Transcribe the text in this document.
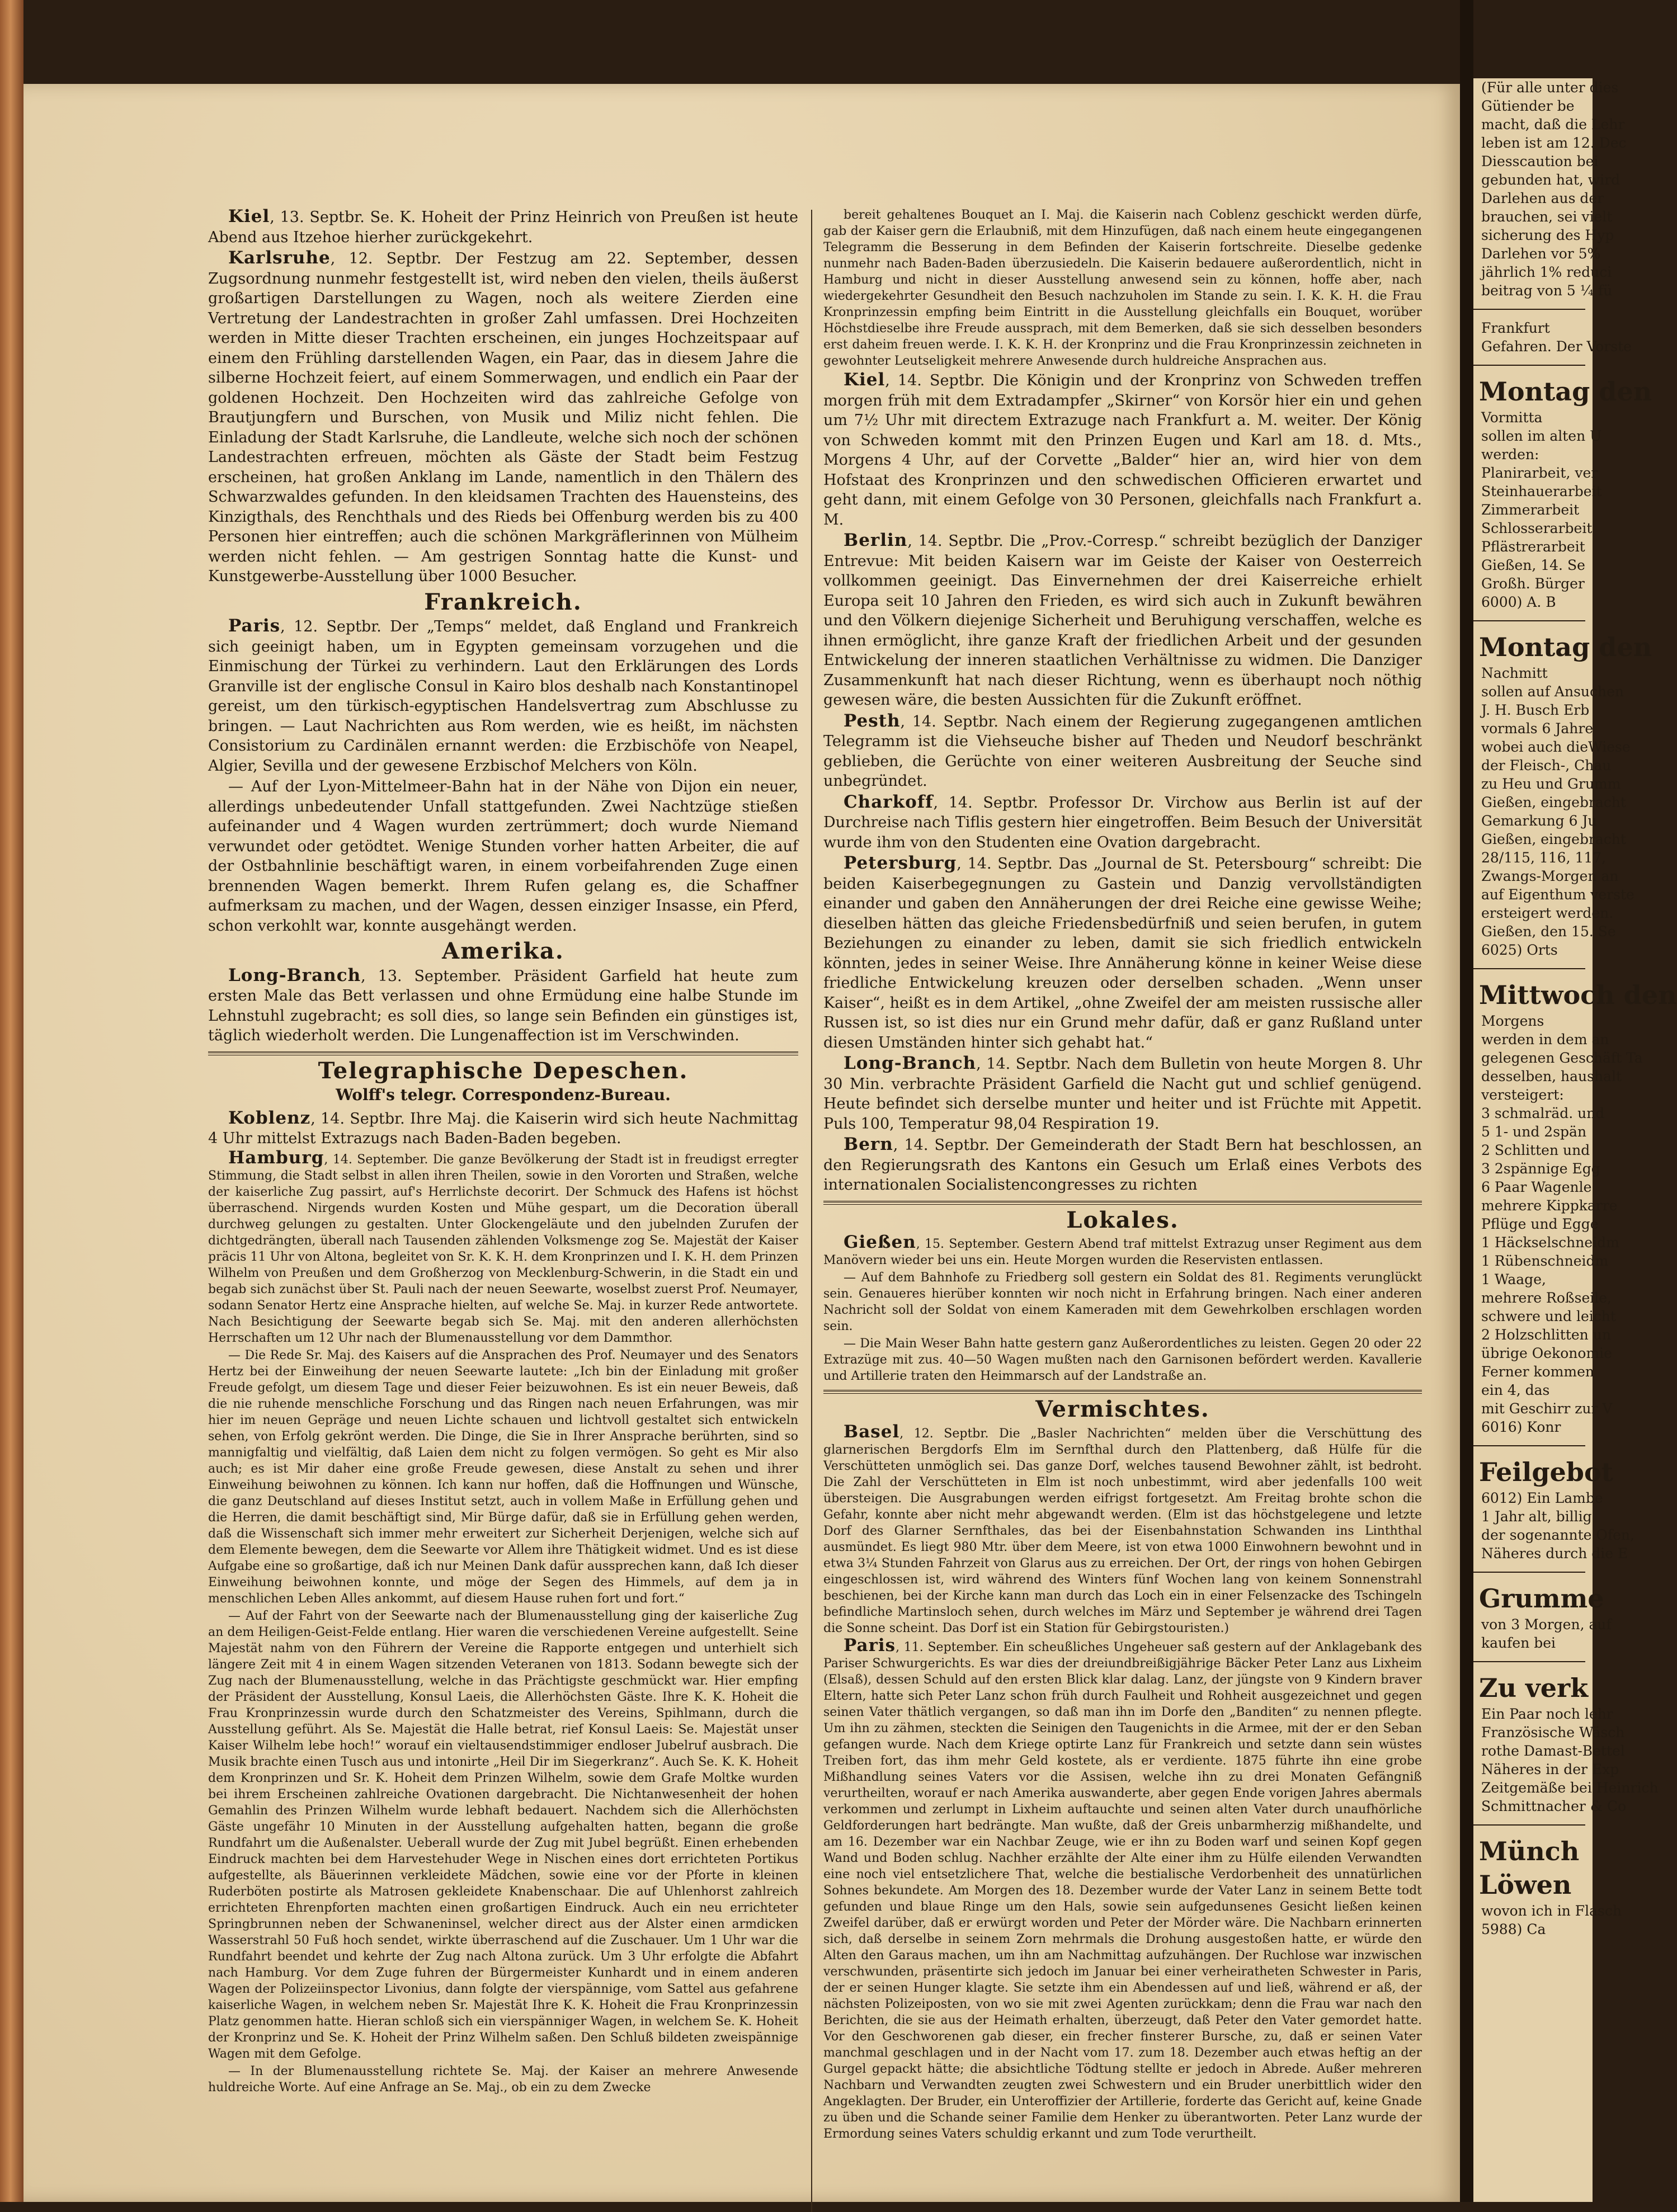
Kiel, 13. Septbr. Se. K. Hoheit der Prinz Heinrich von Preußen ist heute Abend aus Itzehoe hierher zurückgekehrt.

Karlsruhe, 12. Septbr. Der Festzug am 22. September, dessen Zugsordnung nunmehr festgestellt ist, wird neben den vielen, theils äußerst großartigen Darstellungen zu Wagen, noch als weitere Zierden eine Vertretung der Landestrachten in großer Zahl umfassen. Drei Hochzeiten werden in Mitte dieser Trachten erscheinen, ein junges Hochzeitspaar auf einem den Frühling darstellenden Wagen, ein Paar, das in diesem Jahre die silberne Hochzeit feiert, auf einem Sommerwagen, und endlich ein Paar der goldenen Hochzeit. Den Hochzeiten wird das zahlreiche Gefolge von Brautjungfern und Burschen, von Musik und Miliz nicht fehlen. Die Einladung der Stadt Karlsruhe, die Landleute, welche sich noch der schönen Landestrachten erfreuen, möchten als Gäste der Stadt beim Festzug erscheinen, hat großen Anklang im Lande, namentlich in den Thälern des Schwarzwaldes gefunden. In den kleidsamen Trachten des Hauensteins, des Kinzigthals, des Renchthals und des Rieds bei Offenburg werden bis zu 400 Personen hier eintreffen; auch die schönen Markgräflerinnen von Mülheim werden nicht fehlen. — Am gestrigen Sonntag hatte die Kunst- und Kunstgewerbe-Ausstellung über 1000 Besucher.

Frankreich.

Paris, 12. Septbr. Der „Temps“ meldet, daß England und Frankreich sich geeinigt haben, um in Egypten gemeinsam vorzugehen und die Einmischung der Türkei zu verhindern. Laut den Erklärungen des Lords Granville ist der englische Consul in Kairo blos deshalb nach Konstantinopel gereist, um den türkisch-egyptischen Handelsvertrag zum Abschlusse zu bringen. — Laut Nachrichten aus Rom werden, wie es heißt, im nächsten Consistorium zu Cardinälen ernannt werden: die Erzbischöfe von Neapel, Algier, Sevilla und der gewesene Erzbischof Melchers von Köln.

— Auf der Lyon-Mittelmeer-Bahn hat in der Nähe von Dijon ein neuer, allerdings unbedeutender Unfall stattgefunden. Zwei Nachtzüge stießen aufeinander und 4 Wagen wurden zertrümmert; doch wurde Niemand verwundet oder getödtet. Wenige Stunden vorher hatten Arbeiter, die auf der Ostbahnlinie beschäftigt waren, in einem vorbeifahrenden Zuge einen brennenden Wagen bemerkt. Ihrem Rufen gelang es, die Schaffner aufmerksam zu machen, und der Wagen, dessen einziger Insasse, ein Pferd, schon verkohlt war, konnte ausgehängt werden.

Amerika.

Long-Branch, 13. September. Präsident Garfield hat heute zum ersten Male das Bett verlassen und ohne Ermüdung eine halbe Stunde im Lehnstuhl zugebracht; es soll dies, so lange sein Befinden ein günstiges ist, täglich wiederholt werden. Die Lungenaffection ist im Verschwinden.

Telegraphische Depeschen.
Wolff's telegr. Correspondenz-Bureau.

Koblenz, 14. Septbr. Ihre Maj. die Kaiserin wird sich heute Nachmittag 4 Uhr mittelst Extrazugs nach Baden-Baden begeben.

Hamburg, 14. September. Die ganze Bevölkerung der Stadt ist in freudigst erregter Stimmung, die Stadt selbst in allen ihren Theilen, sowie in den Vororten und Straßen, welche der kaiserliche Zug passirt, auf's Herrlichste decorirt. Der Schmuck des Hafens ist höchst überraschend. Nirgends wurden Kosten und Mühe gespart, um die Decoration überall durchweg gelungen zu gestalten. Unter Glockengeläute und den jubelnden Zurufen der dichtgedrängten, überall nach Tausenden zählenden Volksmenge zog Se. Majestät der Kaiser präcis 11 Uhr von Altona, begleitet von Sr. K. K. H. dem Kronprinzen und I. K. H. dem Prinzen Wilhelm von Preußen und dem Großherzog von Mecklenburg-Schwerin, in die Stadt ein und begab sich zunächst über St. Pauli nach der neuen Seewarte, woselbst zuerst Prof. Neumayer, sodann Senator Hertz eine Ansprache hielten, auf welche Se. Maj. in kurzer Rede antwortete. Nach Besichtigung der Seewarte begab sich Se. Maj. mit den anderen allerhöchsten Herrschaften um 12 Uhr nach der Blumenausstellung vor dem Dammthor.

— Die Rede Sr. Maj. des Kaisers auf die Ansprachen des Prof. Neumayer und des Senators Hertz bei der Einweihung der neuen Seewarte lautete: „Ich bin der Einladung mit großer Freude gefolgt, um diesem Tage und dieser Feier beizuwohnen. Es ist ein neuer Beweis, daß die nie ruhende menschliche Forschung und das Ringen nach neuen Erfahrungen, was mir hier im neuen Gepräge und neuen Lichte schauen und lichtvoll gestaltet sich entwickeln sehen, von Erfolg gekrönt werden. Die Dinge, die Sie in Ihrer Ansprache berührten, sind so mannigfaltig und vielfältig, daß Laien dem nicht zu folgen vermögen. So geht es Mir also auch; es ist Mir daher eine große Freude gewesen, diese Anstalt zu sehen und ihrer Einweihung beiwohnen zu können. Ich kann nur hoffen, daß die Hoffnungen und Wünsche, die ganz Deutschland auf dieses Institut setzt, auch in vollem Maße in Erfüllung gehen und die Herren, die damit beschäftigt sind, Mir Bürge dafür, daß sie in Erfüllung gehen werden, daß die Wissenschaft sich immer mehr erweitert zur Sicherheit Derjenigen, welche sich auf dem Elemente bewegen, dem die Seewarte vor Allem ihre Thätigkeit widmet. Und es ist diese Aufgabe eine so großartige, daß ich nur Meinen Dank dafür aussprechen kann, daß Ich dieser Einweihung beiwohnen konnte, und möge der Segen des Himmels, auf dem ja in menschlichen Leben Alles ankommt, auf diesem Hause ruhen fort und fort.“

— Auf der Fahrt von der Seewarte nach der Blumenausstellung ging der kaiserliche Zug an dem Heiligen-Geist-Felde entlang. Hier waren die verschiedenen Vereine aufgestellt. Seine Majestät nahm von den Führern der Vereine die Rapporte entgegen und unterhielt sich längere Zeit mit 4 in einem Wagen sitzenden Veteranen von 1813. Sodann bewegte sich der Zug nach der Blumenausstellung, welche in das Prächtigste geschmückt war. Hier empfing der Präsident der Ausstellung, Konsul Laeis, die Allerhöchsten Gäste. Ihre K. K. Hoheit die Frau Kronprinzessin wurde durch den Schatzmeister des Vereins, Spihlmann, durch die Ausstellung geführt. Als Se. Majestät die Halle betrat, rief Konsul Laeis: Se. Majestät unser Kaiser Wilhelm lebe hoch!“ worauf ein vieltausendstimmiger endloser Jubelruf ausbrach. Die Musik brachte einen Tusch aus und intonirte „Heil Dir im Siegerkranz“. Auch Se. K. K. Hoheit dem Kronprinzen und Sr. K. Hoheit dem Prinzen Wilhelm, sowie dem Grafe Moltke wurden bei ihrem Erscheinen zahlreiche Ovationen dargebracht. Die Nichtanwesenheit der hohen Gemahlin des Prinzen Wilhelm wurde lebhaft bedauert. Nachdem sich die Allerhöchsten Gäste ungefähr 10 Minuten in der Ausstellung aufgehalten hatten, begann die große Rundfahrt um die Außenalster. Ueberall wurde der Zug mit Jubel begrüßt. Einen erhebenden Eindruck machten bei dem Harvestehuder Wege in Nischen eines dort errichteten Portikus aufgestellte, als Bäuerinnen verkleidete Mädchen, sowie eine vor der Pforte in kleinen Ruderböten postirte als Matrosen gekleidete Knabenschaar. Die auf Uhlenhorst zahlreich errichteten Ehrenpforten machten einen großartigen Eindruck. Auch ein neu errichteter Springbrunnen neben der Schwaneninsel, welcher direct aus der Alster einen armdicken Wasserstrahl 50 Fuß hoch sendet, wirkte überraschend auf die Zuschauer. Um 1 Uhr war die Rundfahrt beendet und kehrte der Zug nach Altona zurück. Um 3 Uhr erfolgte die Abfahrt nach Hamburg. Vor dem Zuge fuhren der Bürgermeister Kunhardt und in einem anderen Wagen der Polizeiinspector Livonius, dann folgte der vierspännige, vom Sattel aus gefahrene kaiserliche Wagen, in welchem neben Sr. Majestät Ihre K. K. Hoheit die Frau Kronprinzessin Platz genommen hatte. Hieran schloß sich ein vierspänniger Wagen, in welchem Se. K. Hoheit der Kronprinz und Se. K. Hoheit der Prinz Wilhelm saßen. Den Schluß bildeten zweispännige Wagen mit dem Gefolge.

— In der Blumenausstellung richtete Se. Maj. der Kaiser an mehrere Anwesende huldreiche Worte. Auf eine Anfrage an Se. Maj., ob ein zu dem Zwecke

bereit gehaltenes Bouquet an I. Maj. die Kaiserin nach Coblenz geschickt werden dürfe, gab der Kaiser gern die Erlaubniß, mit dem Hinzufügen, daß nach einem heute eingegangenen Telegramm die Besserung in dem Befinden der Kaiserin fortschreite. Dieselbe gedenke nunmehr nach Baden-Baden überzusiedeln. Die Kaiserin bedauere außerordentlich, nicht in Hamburg und nicht in dieser Ausstellung anwesend sein zu können, hoffe aber, nach wiedergekehrter Gesundheit den Besuch nachzuholen im Stande zu sein. I. K. K. H. die Frau Kronprinzessin empfing beim Eintritt in die Ausstellung gleichfalls ein Bouquet, worüber Höchstdieselbe ihre Freude aussprach, mit dem Bemerken, daß sie sich desselben besonders erst daheim freuen werde. I. K. K. H. der Kronprinz und die Frau Kronprinzessin zeichneten in gewohnter Leutseligkeit mehrere Anwesende durch huldreiche Ansprachen aus.

Kiel, 14. Septbr. Die Königin und der Kronprinz von Schweden treffen morgen früh mit dem Extradampfer „Skirner“ von Korsör hier ein und gehen um 7½ Uhr mit directem Extrazuge nach Frankfurt a. M. weiter. Der König von Schweden kommt mit den Prinzen Eugen und Karl am 18. d. Mts., Morgens 4 Uhr, auf der Corvette „Balder“ hier an, wird hier von dem Hofstaat des Kronprinzen und den schwedischen Officieren erwartet und geht dann, mit einem Gefolge von 30 Personen, gleichfalls nach Frankfurt a. M.

Berlin, 14. Septbr. Die „Prov.-Corresp.“ schreibt bezüglich der Danziger Entrevue: Mit beiden Kaisern war im Geiste der Kaiser von Oesterreich vollkommen geeinigt. Das Einvernehmen der drei Kaiserreiche erhielt Europa seit 10 Jahren den Frieden, es wird sich auch in Zukunft bewähren und den Völkern diejenige Sicherheit und Beruhigung verschaffen, welche es ihnen ermöglicht, ihre ganze Kraft der friedlichen Arbeit und der gesunden Entwickelung der inneren staatlichen Verhältnisse zu widmen. Die Danziger Zusammenkunft hat nach dieser Richtung, wenn es überhaupt noch nöthig gewesen wäre, die besten Aussichten für die Zukunft eröffnet.

Pesth, 14. Septbr. Nach einem der Regierung zugegangenen amtlichen Telegramm ist die Viehseuche bisher auf Theden und Neudorf beschränkt geblieben, die Gerüchte von einer weiteren Ausbreitung der Seuche sind unbegründet.

Charkoff, 14. Septbr. Professor Dr. Virchow aus Berlin ist auf der Durchreise nach Tiflis gestern hier eingetroffen. Beim Besuch der Universität wurde ihm von den Studenten eine Ovation dargebracht.

Petersburg, 14. Septbr. Das „Journal de St. Petersbourg“ schreibt: Die beiden Kaiserbegegnungen zu Gastein und Danzig vervollständigten einander und gaben den Annäherungen der drei Reiche eine gewisse Weihe; dieselben hätten das gleiche Friedensbedürfniß und seien berufen, in gutem Beziehungen zu einander zu leben, damit sie sich friedlich entwickeln könnten, jedes in seiner Weise. Ihre Annäherung könne in keiner Weise diese friedliche Entwickelung kreuzen oder derselben schaden. „Wenn unser Kaiser“, heißt es in dem Artikel, „ohne Zweifel der am meisten russische aller Russen ist, so ist dies nur ein Grund mehr dafür, daß er ganz Rußland unter diesen Umständen hinter sich gehabt hat.“

Long-Branch, 14. Septbr. Nach dem Bulletin von heute Morgen 8. Uhr 30 Min. verbrachte Präsident Garfield die Nacht gut und schlief genügend. Heute befindet sich derselbe munter und heiter und ist Früchte mit Appetit. Puls 100, Temperatur 98,04 Respiration 19.

Bern, 14. Septbr. Der Gemeinderath der Stadt Bern hat beschlossen, an den Regierungsrath des Kantons ein Gesuch um Erlaß eines Verbots des internationalen Socialistencongresses zu richten

Lokales.

Gießen, 15. September. Gestern Abend traf mittelst Extrazug unser Regiment aus dem Manövern wieder bei uns ein. Heute Morgen wurden die Reservisten entlassen.

— Auf dem Bahnhofe zu Friedberg soll gestern ein Soldat des 81. Regiments verunglückt sein. Genaueres hierüber konnten wir noch nicht in Erfahrung bringen. Nach einer anderen Nachricht soll der Soldat von einem Kameraden mit dem Gewehrkolben erschlagen worden sein.

— Die Main Weser Bahn hatte gestern ganz Außerordentliches zu leisten. Gegen 20 oder 22 Extrazüge mit zus. 40—50 Wagen mußten nach den Garnisonen befördert werden. Kavallerie und Artillerie traten den Heimmarsch auf der Landstraße an.

Vermischtes.

Basel, 12. Septbr. Die „Basler Nachrichten“ melden über die Verschüttung des glarnerischen Bergdorfs Elm im Sernfthal durch den Plattenberg, daß Hülfe für die Verschütteten unmöglich sei. Das ganze Dorf, welches tausend Bewohner zählt, ist bedroht. Die Zahl der Verschütteten in Elm ist noch unbestimmt, wird aber jedenfalls 100 weit übersteigen. Die Ausgrabungen werden eifrigst fortgesetzt. Am Freitag brohte schon die Gefahr, konnte aber nicht mehr abgewandt werden. (Elm ist das höchstgelegene und letzte Dorf des Glarner Sernfthales, das bei der Eisenbahnstation Schwanden ins Linththal ausmündet. Es liegt 980 Mtr. über dem Meere, ist von etwa 1000 Einwohnern bewohnt und in etwa 3¼ Stunden Fahrzeit von Glarus aus zu erreichen. Der Ort, der rings von hohen Gebirgen eingeschlossen ist, wird während des Winters fünf Wochen lang von keinem Sonnenstrahl beschienen, bei der Kirche kann man durch das Loch ein in einer Felsenzacke des Tschingeln befindliche Martinsloch sehen, durch welches im März und September je während drei Tagen die Sonne scheint. Das Dorf ist ein Station für Gebirgstouristen.)

Paris, 11. September. Ein scheußliches Ungeheuer saß gestern auf der Anklagebank des Pariser Schwurgerichts. Es war dies der dreiundbreißigjährige Bäcker Peter Lanz aus Lixheim (Elsaß), dessen Schuld auf den ersten Blick klar dalag. Lanz, der jüngste von 9 Kindern braver Eltern, hatte sich Peter Lanz schon früh durch Faulheit und Rohheit ausgezeichnet und gegen seinen Vater thätlich vergangen, so daß man ihn im Dorfe den „Banditen“ zu nennen pflegte. Um ihn zu zähmen, steckten die Seinigen den Taugenichts in die Armee, mit der er den Seban gefangen wurde. Nach dem Kriege optirte Lanz für Frankreich und setzte dann sein wüstes Treiben fort, das ihm mehr Geld kostete, als er verdiente. 1875 führte ihn eine grobe Mißhandlung seines Vaters vor die Assisen, welche ihn zu drei Monaten Gefängniß verurtheilten, worauf er nach Amerika auswanderte, aber gegen Ende vorigen Jahres abermals verkommen und zerlumpt in Lixheim auftauchte und seinen alten Vater durch unaufhörliche Geldforderungen hart bedrängte. Man wußte, daß der Greis unbarmherzig mißhandelte, und am 16. Dezember war ein Nachbar Zeuge, wie er ihn zu Boden warf und seinen Kopf gegen Wand und Boden schlug. Nachher erzählte der Alte einer ihm zu Hülfe eilenden Verwandten eine noch viel entsetzlichere That, welche die bestialische Verdorbenheit des unnatürlichen Sohnes bekundete. Am Morgen des 18. Dezember wurde der Vater Lanz in seinem Bette todt gefunden und blaue Ringe um den Hals, sowie sein aufgedunsenes Gesicht ließen keinen Zweifel darüber, daß er erwürgt worden und Peter der Mörder wäre. Die Nachbarn erinnerten sich, daß derselbe in seinem Zorn mehrmals die Drohung ausgestoßen hatte, er würde den Alten den Garaus machen, um ihn am Nachmittag aufzuhängen. Der Ruchlose war inzwischen verschwunden, präsentirte sich jedoch im Januar bei einer verheiratheten Schwester in Paris, der er seinen Hunger klagte. Sie setzte ihm ein Abendessen auf und ließ, während er aß, der nächsten Polizeiposten, von wo sie mit zwei Agenten zurückkam; denn die Frau war nach den Berichten, die sie aus der Heimath erhalten, überzeugt, daß Peter den Vater gemordet hatte. Vor den Geschworenen gab dieser, ein frecher finsterer Bursche, zu, daß er seinen Vater manchmal geschlagen und in der Nacht vom 17. zum 18. Dezember auch etwas heftig an der Gurgel gepackt hätte; die absichtliche Tödtung stellte er jedoch in Abrede. Außer mehreren Nachbarn und Verwandten zeugten zwei Schwestern und ein Bruder unerbittlich wider den Angeklagten. Der Bruder, ein Unteroffizier der Artillerie, forderte das Gericht auf, keine Gnade zu üben und die Schande seiner Familie dem Henker zu überantworten. Peter Lanz wurde der Ermordung seines Vaters schuldig erkannt und zum Tode verurtheilt.

(Für alle unter dies
Gütiender be
macht, daß die Lehr
leben ist am 12. Dec
Diesscaution bei
gebunden hat, wird
Darlehen aus der
brauchen, sei vielt
sicherung des Hyp
Darlehen vor 5%
jährlich 1% reduci
beitrag von 5 ¼ fü
Frankfurt
Gefahren. Der Vorste
Montag den
Vormitta
sollen im alten U
werden:
Planirarbeit, ver
Steinhauerarbeit
Zimmerarbeit
Schlosserarbeit
Pflästrerarbeit
Gießen, 14. Se
Großh. Bürger
6000) A. B
Montag den
Nachmitt
sollen auf Ansuchen
J. H. Busch Erb
vormals 6 Jahre
wobei auch dieWiese
der Fleisch-, Chau
zu Heu und Grumm
Gießen, eingebracht
Gemarkung 6 Ju
Gießen, eingebracht
28/115, 116, 117,
Zwangs-Morgen an
auf Eigenthum verste
ersteigert werden.
Gießen, den 15. Se
6025) Orts
Mittwoch den
Morgens
werden in dem an
gelegenen Geschäft Ta
desselben, haushalt
versteigert:
3 schmalräd. und
5 1- und 2spän
2 Schlitten und
3 2spännige Egg
6 Paar Wagenle
mehrere Kippkarre
Pflüge und Egge
1 Häckselschneidm
1 Rübenschneidm
1 Waage,
mehrere Roßseile,
schwere und leicht
2 Holzschlitten un
übrige Oekonomie
Ferner kommen
ein 4, das
mit Geschirr zur V
6016) Konr
Feilgebot
6012) Ein Lambe
1 Jahr alt, billig
der sogenannte Ofen,
Näheres durch die E
Grumme
von 3 Morgen, auf
kaufen bei
Zu verk
Ein Paar noch lehr
Französische Wäsch
rothe Damast-Bettel
Näheres in der Exp
Zeitgemäße bei Heinrich
Schmittnacher & Co
Münch
Löwen
wovon ich in Flasch
5988) Ca
